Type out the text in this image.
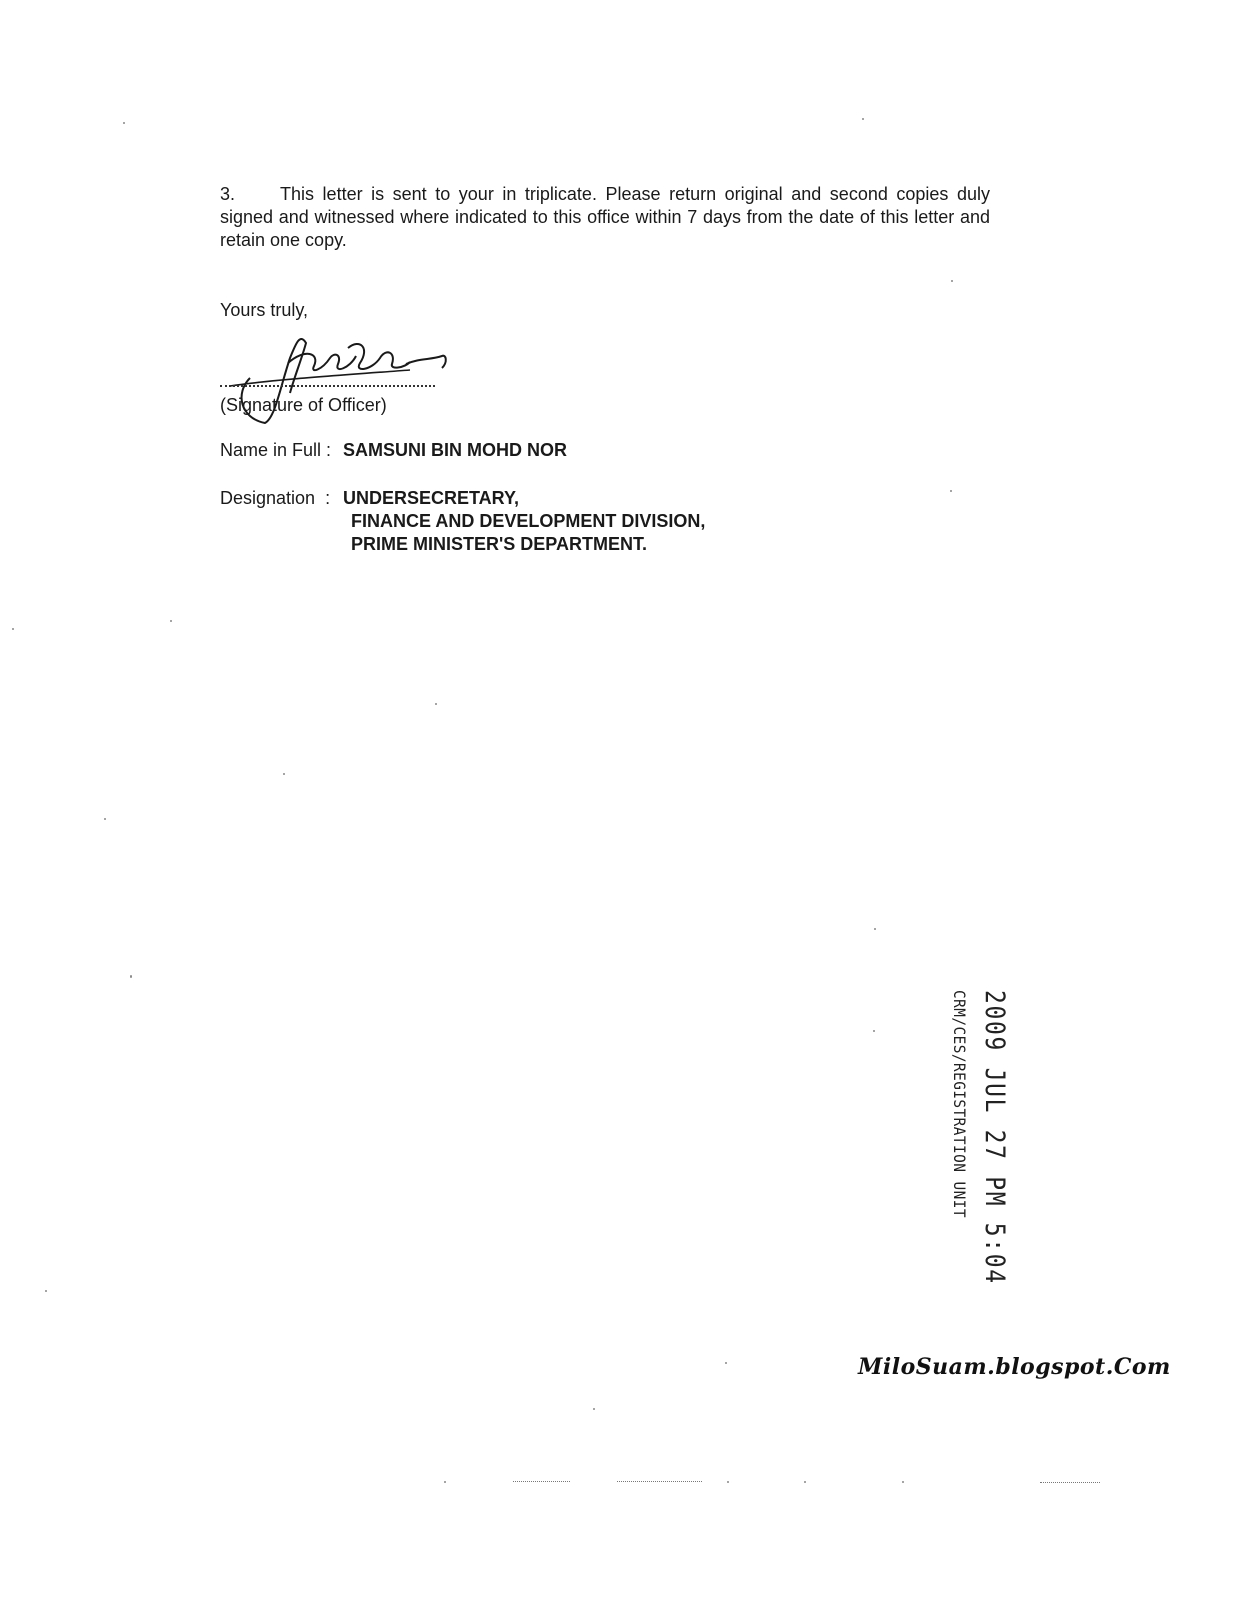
3. This letter is sent to your in triplicate. Please return original and second copies duly signed and witnessed where indicated to this office within 7 days from the date of this letter and retain one copy.
Yours truly,
(Signature of Officer)
Name in Full : SAMSUNI BIN MOHD NOR
Designation  : UNDERSECRETARY,
FINANCE AND DEVELOPMENT DIVISION,
PRIME MINISTER'S DEPARTMENT.
2009 JUL 27 PM 5:04
CRM/CES/REGISTRATION UNIT
MiloSuam.blogspot.Com
